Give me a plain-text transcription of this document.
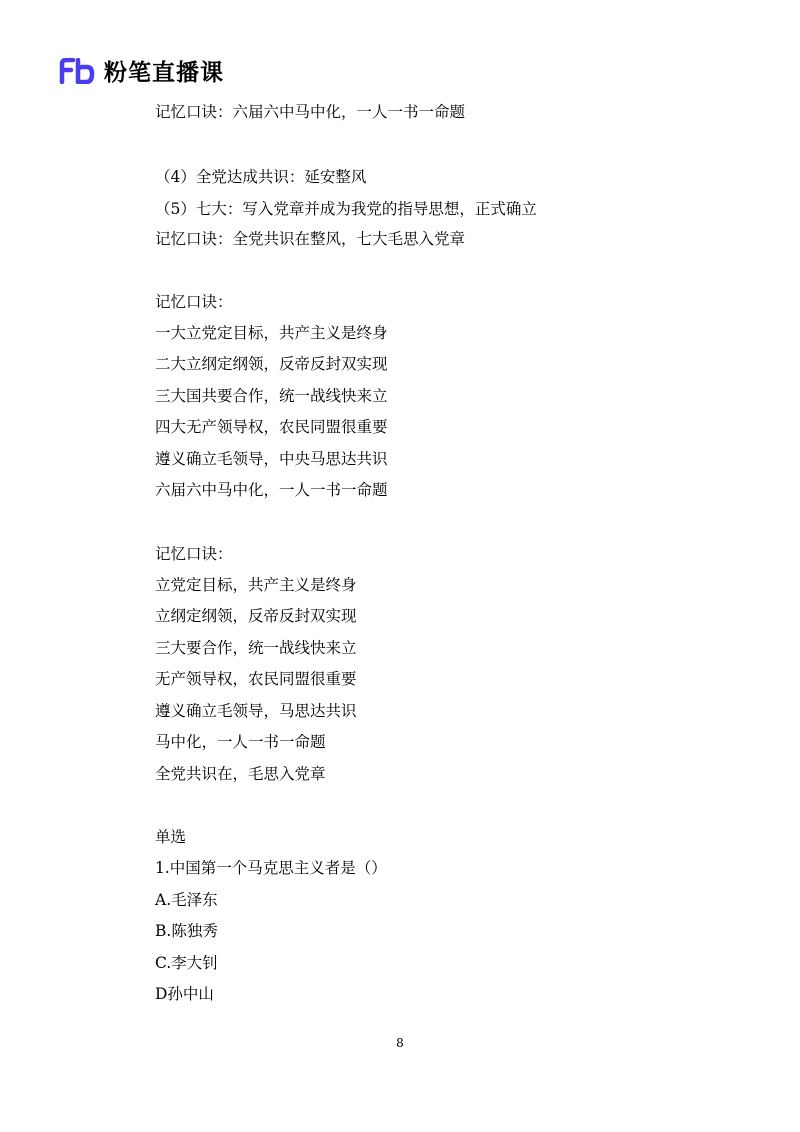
粉笔直播课
记忆口诀：六届六中马中化，一人一书一命题
（4）全党达成共识：延安整风
（5）七大：写入党章并成为我党的指导思想，正式确立
记忆口诀：全党共识在整风，七大毛思入党章
记忆口诀：
一大立党定目标，共产主义是终身
二大立纲定纲领，反帝反封双实现
三大国共要合作，统一战线快来立
四大无产领导权，农民同盟很重要
遵义确立毛领导，中央马思达共识
六届六中马中化，一人一书一命题
记忆口诀：
立党定目标，共产主义是终身
立纲定纲领，反帝反封双实现
三大要合作，统一战线快来立
无产领导权，农民同盟很重要
遵义确立毛领导，马思达共识
马中化，一人一书一命题
全党共识在，毛思入党章
单选
1.中国第一个马克思主义者是（）
A.毛泽东
B.陈独秀
C.李大钊
D孙中山
8
